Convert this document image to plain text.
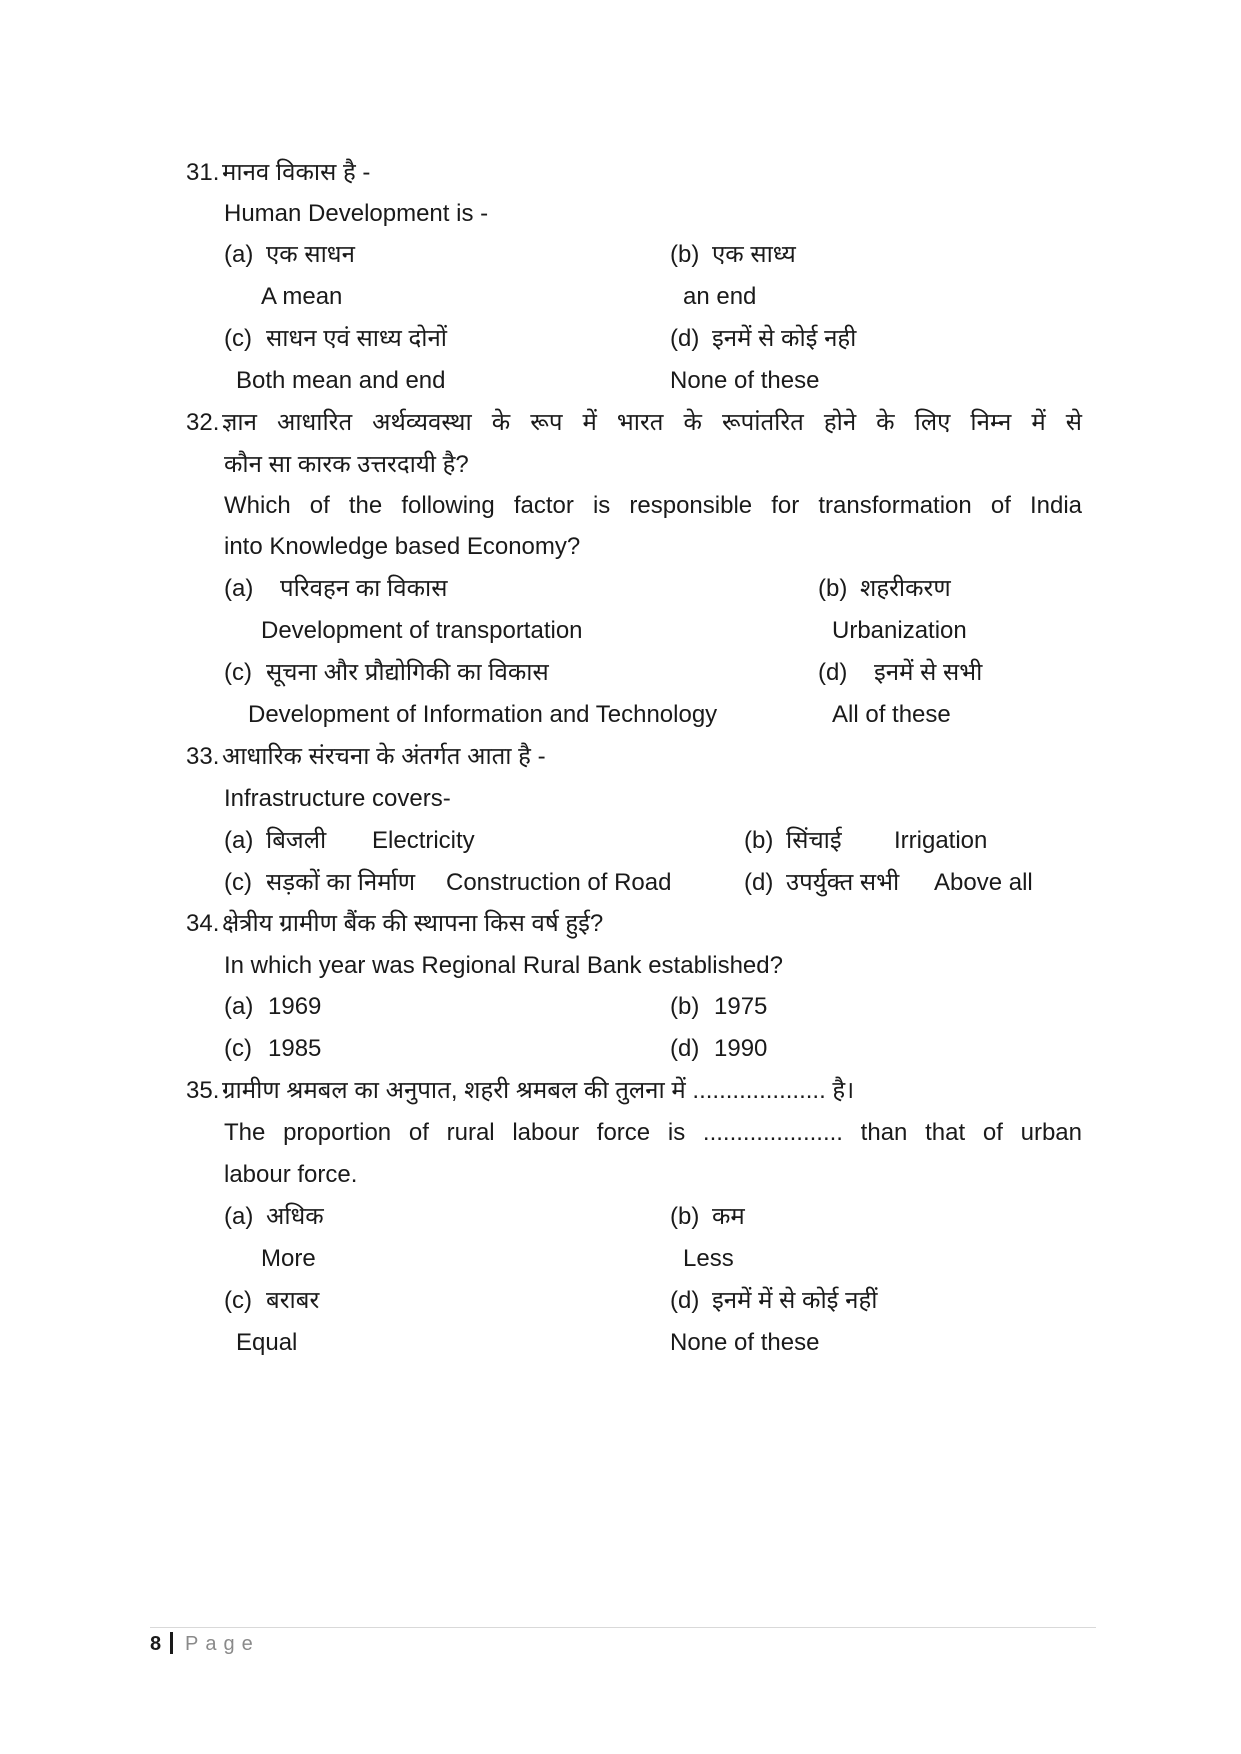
31. मानव विकास है -
Human Development is -
(a) एक साधन	(b) एक साध्य
A mean	an end
(c) साधन एवं साध्य दोनों	(d) इनमें से कोई नही
Both mean and end	None of these
32. ज्ञान आधारित अर्थव्यवस्था के रूप में भारत के रूपांतरित होने के लिए निम्न में से
कौन सा कारक उत्तरदायी है?
Which of the following factor is responsible for transformation of India
into Knowledge based Economy?
(a) परिवहन का विकास	(b) शहरीकरण
Development of transportation	Urbanization
(c) सूचना और प्रौद्योगिकी का विकास	(d) इनमें से सभी
Development of Information and Technology	All of these
33. आधारिक संरचना के अंतर्गत आता है -
Infrastructure covers-
(a) बिजली Electricity	(b) सिंचाई Irrigation
(c) सड़कों का निर्माण Construction of Road	(d) उपर्युक्त सभी Above all
34. क्षेत्रीय ग्रामीण बैंक की स्थापना किस वर्ष हुई?
In which year was Regional Rural Bank established?
(a) 1969	(b) 1975
(c) 1985	(d) 1990
35. ग्रामीण श्रमबल का अनुपात, शहरी श्रमबल की तुलना में .................... है।
The proportion of rural labour force is ..................... than that of urban
labour force.
(a) अधिक	(b) कम
More	Less
(c) बराबर	(d) इनमें में से कोई नहीं
Equal	None of these
8 Page
